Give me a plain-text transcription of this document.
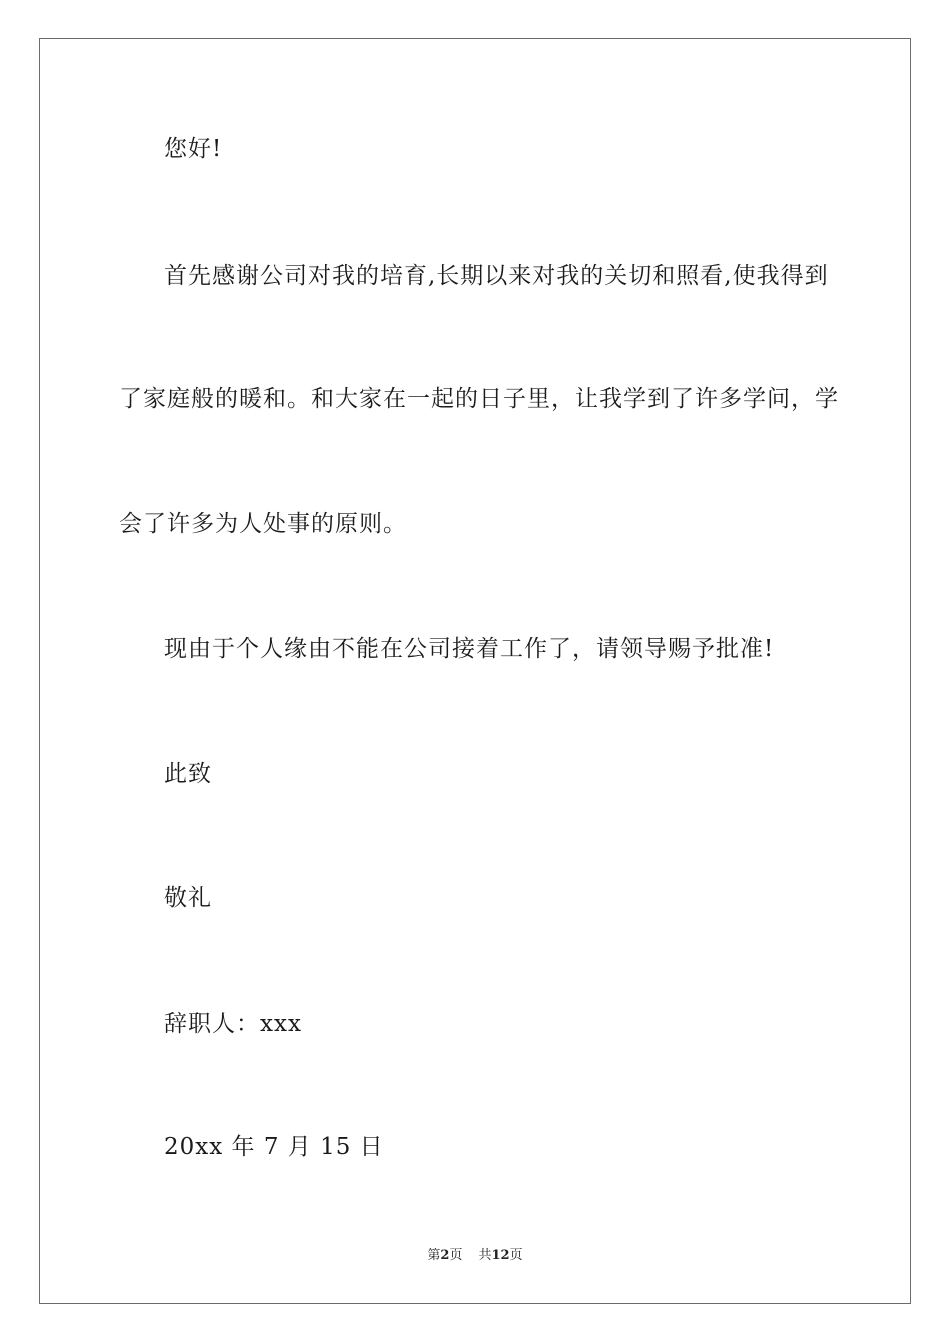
您好!
首先感谢公司对我的培育,长期以来对我的关切和照看,使我得到
了家庭般的暖和。和大家在一起的日子里，让我学到了许多学问，学
会了许多为人处事的原则。
现由于个人缘由不能在公司接着工作了，请领导赐予批准!
此致
敬礼
辞职人：xxx
20xx 年 7 月 15 日
第2页 共12页
